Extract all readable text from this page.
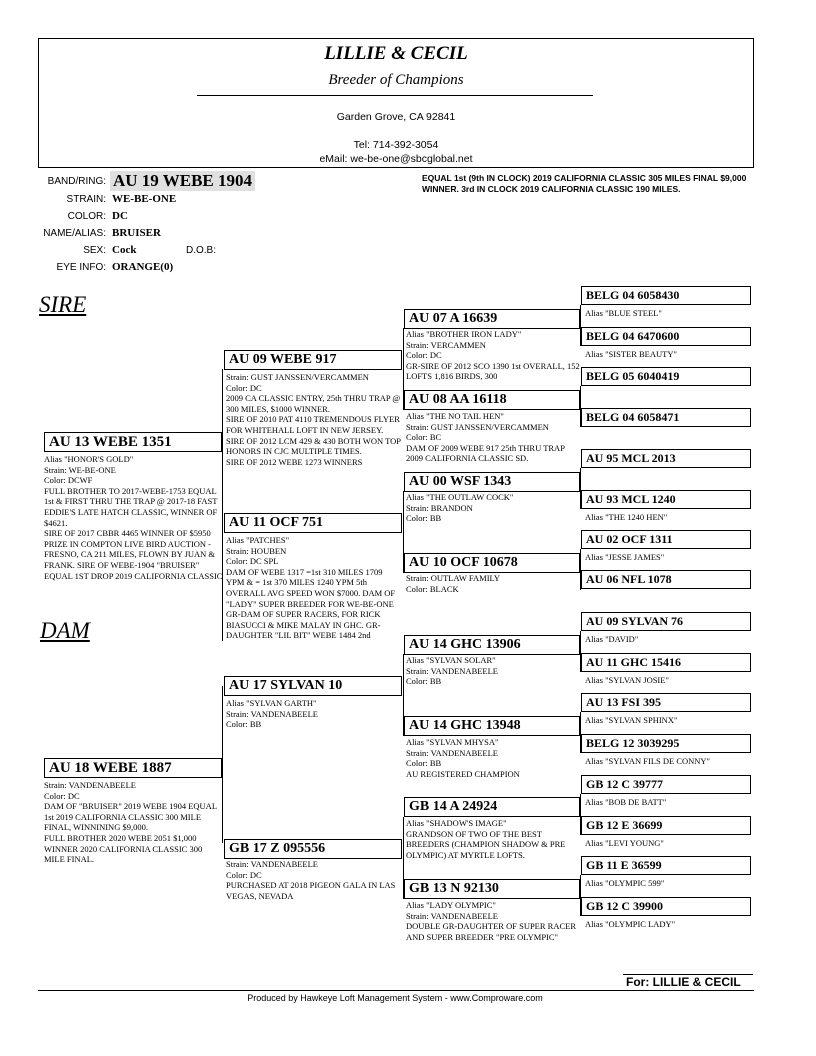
LILLIE & CECIL
Breeder of Champions
Garden Grove, CA 92841
Tel: 714-392-3054
eMail: we-be-one@sbcglobal.net
BAND/RING: AU 19 WEBE 1904
STRAIN: WE-BE-ONE
COLOR: DC
NAME/ALIAS: BRUISER
SEX: Cock	D.O.B:
EYE INFO: ORANGE(0)
EQUAL 1st (9th IN CLOCK) 2019 CALIFORNIA CLASSIC 305 MILES FINAL $9,000 WINNER. 3rd IN CLOCK 2019 CALIFORNIA CLASSIC 190 MILES.
SIRE
DAM
AU 13 WEBE 1351
Alias "HONOR'S GOLD"
Strain: WE-BE-ONE
Color: DCWF
FULL BROTHER TO 2017-WEBE-1753 EQUAL 1st & FIRST THRU THE TRAP @ 2017-18 FAST EDDIE'S LATE HATCH CLASSIC, WINNER OF $4621.
SIRE OF 2017 CBBR 4465 WINNER OF $5950 PRIZE IN COMPTON LIVE BIRD AUCTION - FRESNO, CA 211 MILES, FLOWN BY JUAN & FRANK. SIRE OF WEBE-1904 "BRUISER" EQUAL 1ST DROP 2019 CALIFORNIA CLASSIC
AU 18 WEBE 1887
Strain: VANDENABEELE
Color: DC
DAM OF "BRUISER" 2019 WEBE 1904 EQUAL 1st 2019 CALIFORNIA CLASSIC 300 MILE FINAL, WINNINING $9,000.
FULL BROTHER 2020 WEBE 2051 $1,000 WINNER 2020 CALIFORNIA CLASSIC 300 MILE FINAL.
AU 09 WEBE 917
Strain: GUST JANSSEN/VERCAMMEN
Color: DC
2009 CA CLASSIC ENTRY, 25th THRU TRAP @ 300 MILES, $1000 WINNER.
SIRE OF 2010 PAT 4110 TREMENDOUS FLYER FOR WHITEHALL LOFT IN NEW JERSEY. SIRE OF 2012 LCM 429 & 430 BOTH WON TOP HONORS IN CJC MULTIPLE TIMES.
SIRE OF 2012 WEBE 1273 WINNERS
AU 11 OCF 751
Alias "PATCHES"
Strain: HOUBEN
Color: DC SPL
DAM OF WEBE 1317 =1st 310 MILES 1709 YPM & = 1st 370 MILES 1240 YPM 5th OVERALL AVG SPEED WON $7000. DAM OF "LADY" SUPER BREEDER FOR WE-BE-ONE
GR-DAM OF SUPER RACERS, FOR RICK BIASUCCI & MIKE MALAY IN GHC. GR-DAUGHTER "LIL BIT" WEBE 1484 2nd
AU 17 SYLVAN 10
Alias "SYLVAN GARTH"
Strain: VANDENABEELE
Color: BB
GB 17 Z 095556
Strain: VANDENABEELE
Color: DC
PURCHASED AT 2018 PIGEON GALA IN LAS VEGAS, NEVADA
AU 07 A 16639
Alias "BROTHER IRON LADY"
Strain: VERCAMMEN
Color: DC
GR-SIRE OF 2012 SCO 1390 1st OVERALL, 152 LOFTS 1,816 BIRDS, 300
AU 08 AA 16118
Alias "THE NO TAIL HEN"
Strain: GUST JANSSEN/VERCAMMEN
Color: BC
DAM OF 2009 WEBE 917 25th THRU TRAP 2009 CALIFORNIA CLASSIC SD.
AU 00 WSF 1343
Alias "THE OUTLAW COCK"
Strain: BRANDON
Color: BB
AU 10 OCF 10678
Strain: OUTLAW FAMILY
Color: BLACK
AU 14 GHC 13906
Alias "SYLVAN SOLAR"
Strain: VANDENABEELE
Color: BB
AU 14 GHC 13948
Alias "SYLVAN MHYSA"
Strain: VANDENABEELE
Color: BB
AU REGISTERED CHAMPION
GB 14 A 24924
Alias "SHADOW'S IMAGE"
GRANDSON OF TWO OF THE BEST BREEDERS (CHAMPION SHADOW & PRE OLYMPIC) AT MYRTLE LOFTS.
GB 13 N 92130
Alias "LADY OLYMPIC"
Strain: VANDENABEELE
DOUBLE GR-DAUGHTER OF SUPER RACER AND SUPER BREEDER "PRE OLYMPIC"
BELG 04 6058430
Alias "BLUE STEEL"
BELG 04 6470600
Alias "SISTER BEAUTY"
BELG 05 6040419
BELG 04 6058471
AU 95 MCL 2013
AU 93 MCL 1240
Alias "THE 1240 HEN"
AU 02 OCF 1311
Alias "JESSE JAMES"
AU 06 NFL 1078
AU 09 SYLVAN 76
Alias "DAVID"
AU 11 GHC 15416
Alias "SYLVAN JOSIE"
AU 13 FSI 395
Alias "SYLVAN SPHINX"
BELG 12 3039295
Alias "SYLVAN FILS DE CONNY"
GB 12 C 39777
Alias "BOB DE BATT"
GB 12 E 36699
Alias "LEVI YOUNG"
GB 11 E 36599
Alias "OLYMPIC 599"
GB 12 C 39900
Alias "OLYMPIC LADY"
For: LILLIE & CECIL
Produced by Hawkeye Loft Management System - www.Comproware.com
